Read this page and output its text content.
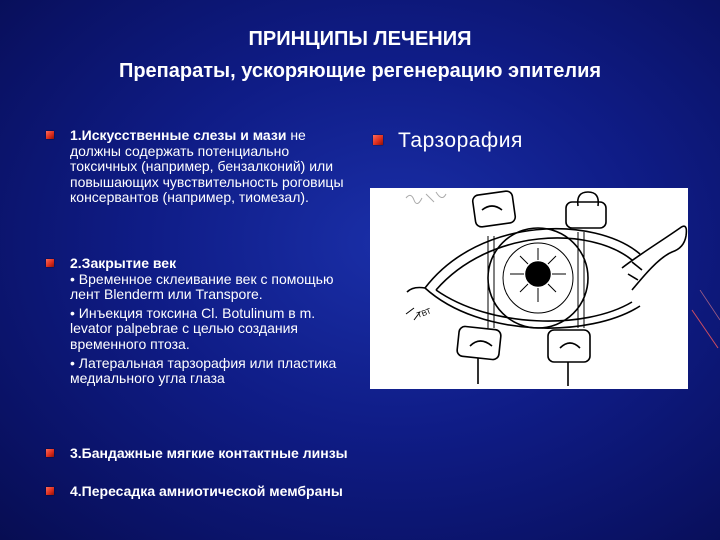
ПРИНЦИПЫ ЛЕЧЕНИЯ
Препараты, ускоряющие регенерацию эпителия
1.Искусственные слезы и мази не должны содержать потенциально токсичных (например, бензалконий) или повышающих чувствительность роговицы консервантов (например, тиомезал).
2.Закрытие век
• Временное склеивание век с помощью лент Blenderm или Transpore.
• Инъекция токсина Cl. Botulinum в m. levator palpebrae с целью создания временного птоза.
• Латеральная тарзорафия или пластика медиального угла глаза
3.Бандажные мягкие контактные линзы
4.Пересадка амниотической мембраны
Тарзорафия
ТВТ
